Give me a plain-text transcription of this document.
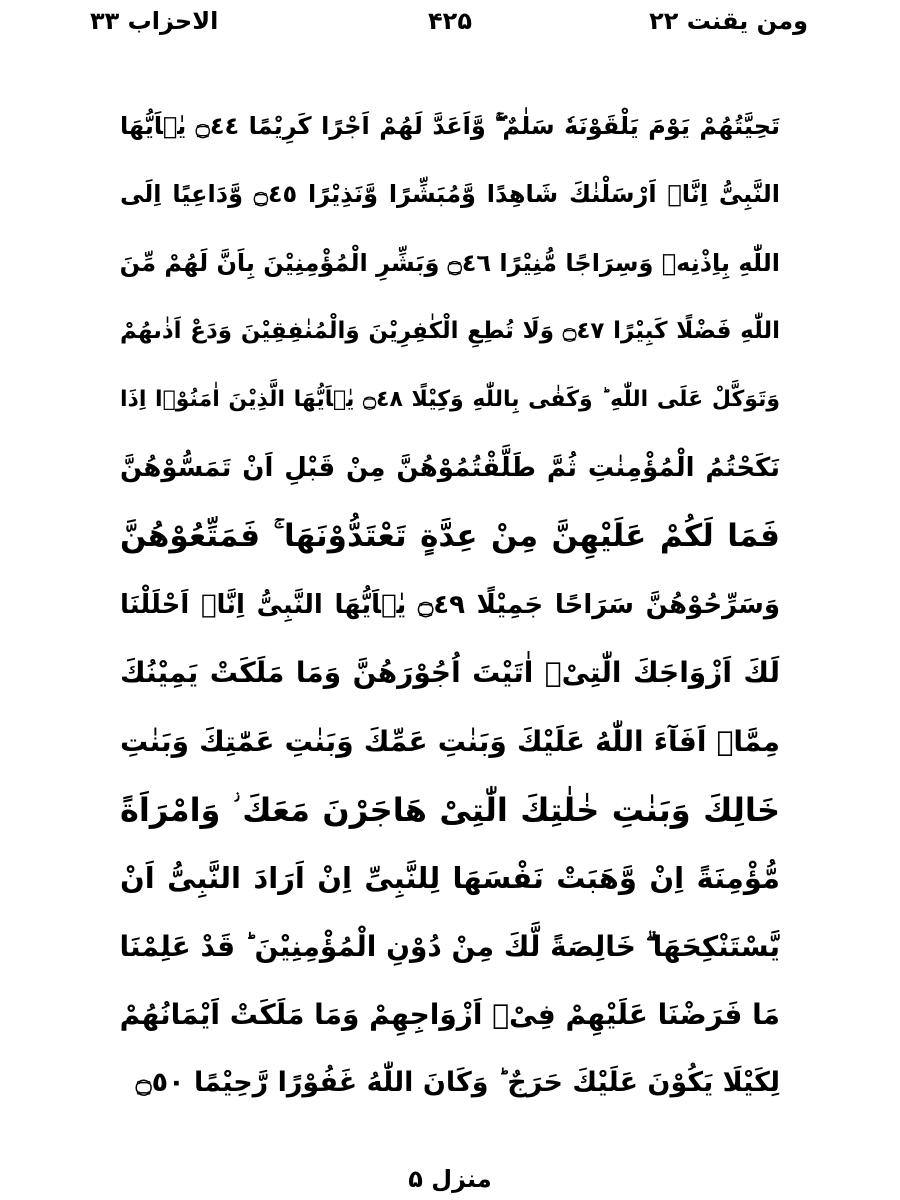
الاحزاب ۳۳	۴۲۵	ومن یقنت ۲۲
تَحِیَّتُهُمْ یَوْمَ یَلْقَوْنَهٗ سَلٰمٌ ۚۖ وَّاَعَدَّ لَهُمْ اَجْرًا كَرِیْمًا ۝٤٤ یٰۤاَیُّهَا
النَّبِیُّ اِنَّاۤ اَرْسَلْنٰكَ شَاهِدًا وَّمُبَشِّرًا وَّنَذِیْرًا ۝٤٥ وَّدَاعِیًا اِلَى
اللّٰهِ بِاِذْنِهٖ وَسِرَاجًا مُّنِیْرًا ۝٤٦ وَبَشِّرِ الْمُؤْمِنِیْنَ بِاَنَّ لَهُمْ مِّنَ
اللّٰهِ فَضْلًا كَبِیْرًا ۝٤٧ وَلَا تُطِعِ الْكٰفِرِیْنَ وَالْمُنٰفِقِیْنَ وَدَعْ اَذٰىهُمْ
وَتَوَكَّلْ عَلَى اللّٰهِ ؕ وَكَفٰى بِاللّٰهِ وَكِیْلًا ۝٤٨ یٰۤاَیُّهَا الَّذِیْنَ اٰمَنُوْۤا اِذَا
نَكَحْتُمُ الْمُؤْمِنٰتِ ثُمَّ طَلَّقْتُمُوْهُنَّ مِنْ قَبْلِ اَنْ تَمَسُّوْهُنَّ
فَمَا لَكُمْ عَلَیْهِنَّ مِنْ عِدَّةٍ تَعْتَدُّوْنَهَا ۚ فَمَتِّعُوْهُنَّ
وَسَرِّحُوْهُنَّ سَرَاحًا جَمِیْلًا ۝٤٩ یٰۤاَیُّهَا النَّبِیُّ اِنَّاۤ اَحْلَلْنَا
لَكَ اَزْوَاجَكَ الّٰتِیْۤ اٰتَیْتَ اُجُوْرَهُنَّ وَمَا مَلَكَتْ یَمِیْنُكَ
مِمَّاۤ اَفَآءَ اللّٰهُ عَلَیْكَ وَبَنٰتِ عَمِّكَ وَبَنٰتِ عَمّٰتِكَ وَبَنٰتِ
خَالِكَ وَبَنٰتِ خٰلٰتِكَ الّٰتِیْ هَاجَرْنَ مَعَكَ ؗ وَامْرَاَةً
مُّؤْمِنَةً اِنْ وَّهَبَتْ نَفْسَهَا لِلنَّبِیِّ اِنْ اَرَادَ النَّبِیُّ اَنْ
یَّسْتَنْكِحَهَا ۗ خَالِصَةً لَّكَ مِنْ دُوْنِ الْمُؤْمِنِیْنَ ؕ قَدْ عَلِمْنَا
مَا فَرَضْنَا عَلَیْهِمْ فِیْۤ اَزْوَاجِهِمْ وَمَا مَلَكَتْ اَیْمَانُهُمْ
لِكَیْلَا یَكُوْنَ عَلَیْكَ حَرَجٌ ؕ وَكَانَ اللّٰهُ غَفُوْرًا رَّحِیْمًا ۝٥٠
منزل ۵
